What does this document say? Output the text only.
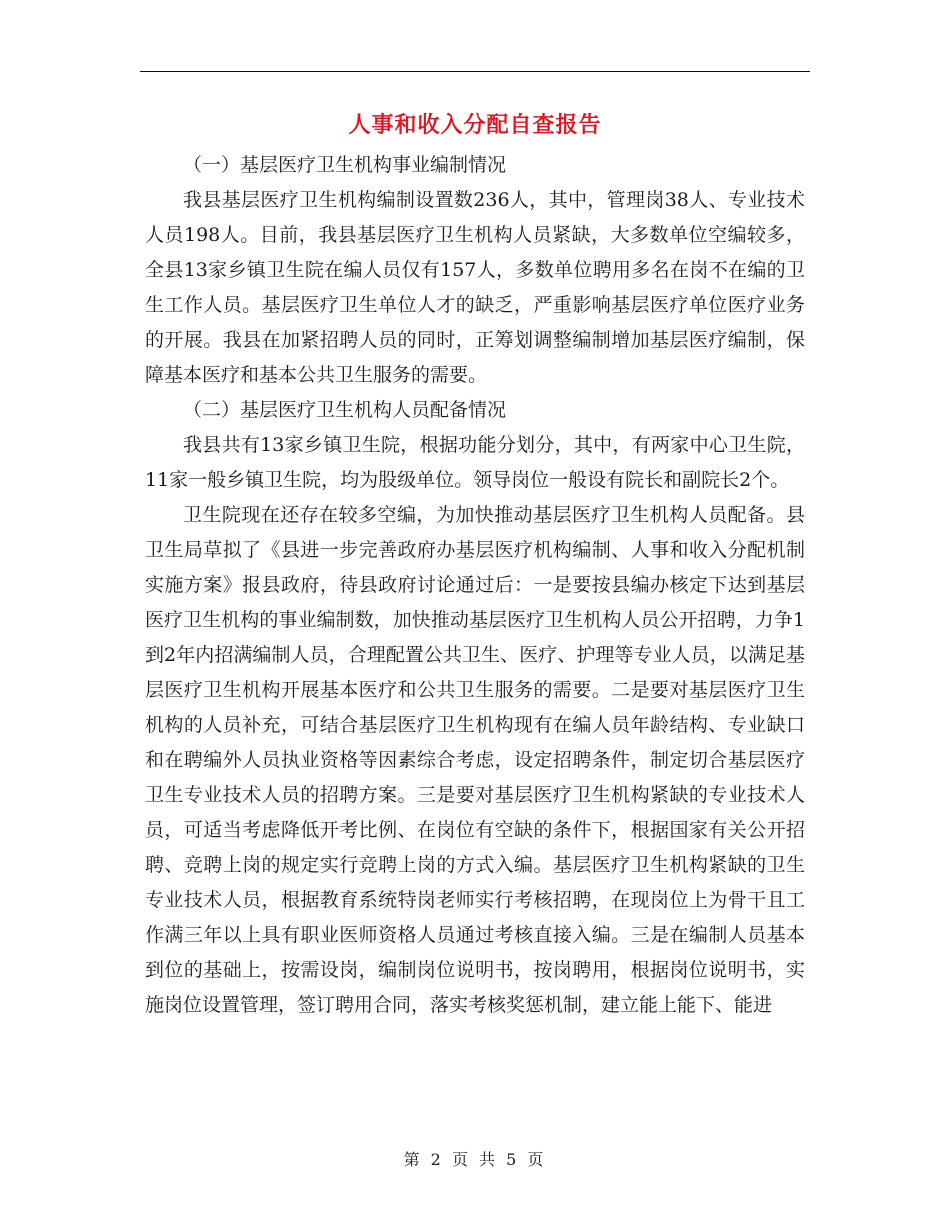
人事和收入分配自查报告

（一）基层医疗卫生机构事业编制情况

我县基层医疗卫生机构编制设置数236人，其中，管理岗38人、专业技术人员198人。目前，我县基层医疗卫生机构人员紧缺，大多数单位空编较多，全县13家乡镇卫生院在编人员仅有157人，多数单位聘用多名在岗不在编的卫生工作人员。基层医疗卫生单位人才的缺乏，严重影响基层医疗单位医疗业务的开展。我县在加紧招聘人员的同时，正筹划调整编制增加基层医疗编制，保障基本医疗和基本公共卫生服务的需要。

（二）基层医疗卫生机构人员配备情况

我县共有13家乡镇卫生院，根据功能分划分，其中，有两家中心卫生院，11家一般乡镇卫生院，均为股级单位。领导岗位一般设有院长和副院长2个。

卫生院现在还存在较多空编，为加快推动基层医疗卫生机构人员配备。县卫生局草拟了《县进一步完善政府办基层医疗机构编制、人事和收入分配机制实施方案》报县政府，待县政府讨论通过后：一是要按县编办核定下达到基层医疗卫生机构的事业编制数，加快推动基层医疗卫生机构人员公开招聘，力争1到2年内招满编制人员，合理配置公共卫生、医疗、护理等专业人员，以满足基层医疗卫生机构开展基本医疗和公共卫生服务的需要。二是要对基层医疗卫生机构的人员补充，可结合基层医疗卫生机构现有在编人员年龄结构、专业缺口和在聘编外人员执业资格等因素综合考虑，设定招聘条件，制定切合基层医疗卫生专业技术人员的招聘方案。三是要对基层医疗卫生机构紧缺的专业技术人员，可适当考虑降低开考比例、在岗位有空缺的条件下，根据国家有关公开招聘、竞聘上岗的规定实行竞聘上岗的方式入编。基层医疗卫生机构紧缺的卫生专业技术人员，根据教育系统特岗老师实行考核招聘，在现岗位上为骨干且工作满三年以上具有职业医师资格人员通过考核直接入编。三是在编制人员基本到位的基础上，按需设岗，编制岗位说明书，按岗聘用，根据岗位说明书，实施岗位设置管理，签订聘用合同，落实考核奖惩机制，建立能上能下、能进

第 2 页 共 5 页
